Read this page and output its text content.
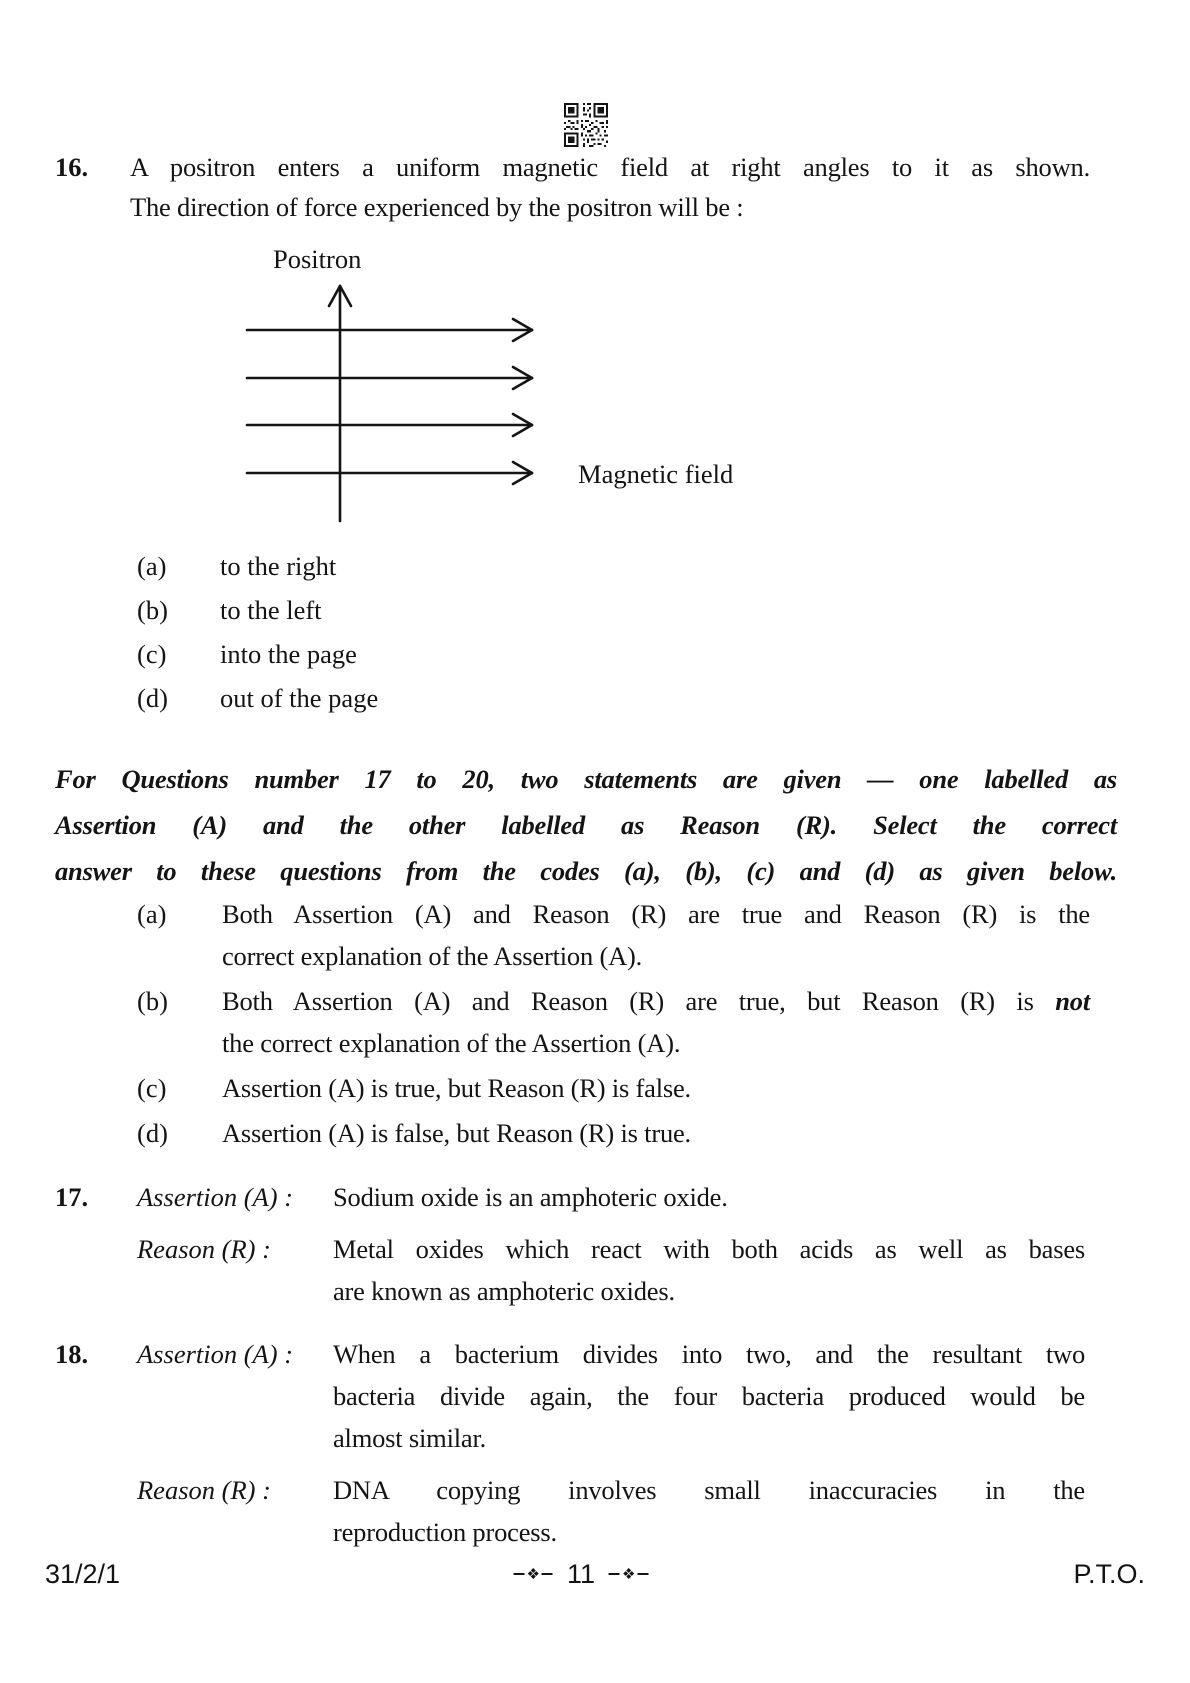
16.	A positron enters a uniform magnetic field at right angles to it as shown.
The direction of force experienced by the positron will be :
Positron
Magnetic field
(a)	to the right
(b)	to the left
(c)	into the page
(d)	out of the page
For Questions number 17 to 20, two statements are given — one labelled as
Assertion (A) and the other labelled as Reason (R). Select the correct
answer to these questions from the codes (a), (b), (c) and (d) as given below.
(a)	Both Assertion (A) and Reason (R) are true and Reason (R) is the
correct explanation of the Assertion (A).
(b)	Both Assertion (A) and Reason (R) are true, but Reason (R) is not
the correct explanation of the Assertion (A).
(c)	Assertion (A) is true, but Reason (R) is false.
(d)	Assertion (A) is false, but Reason (R) is true.
17.	Assertion (A) :	Sodium oxide is an amphoteric oxide.
Reason (R) :	Metal oxides which react with both acids as well as bases
are known as amphoteric oxides.
18.	Assertion (A) :	When a bacterium divides into two, and the resultant two
bacteria divide again, the four bacteria produced would be
almost similar.
Reason (R) :	DNA copying involves small inaccuracies in the
reproduction process.
31/2/1	❖	11	❖	P.T.O.
